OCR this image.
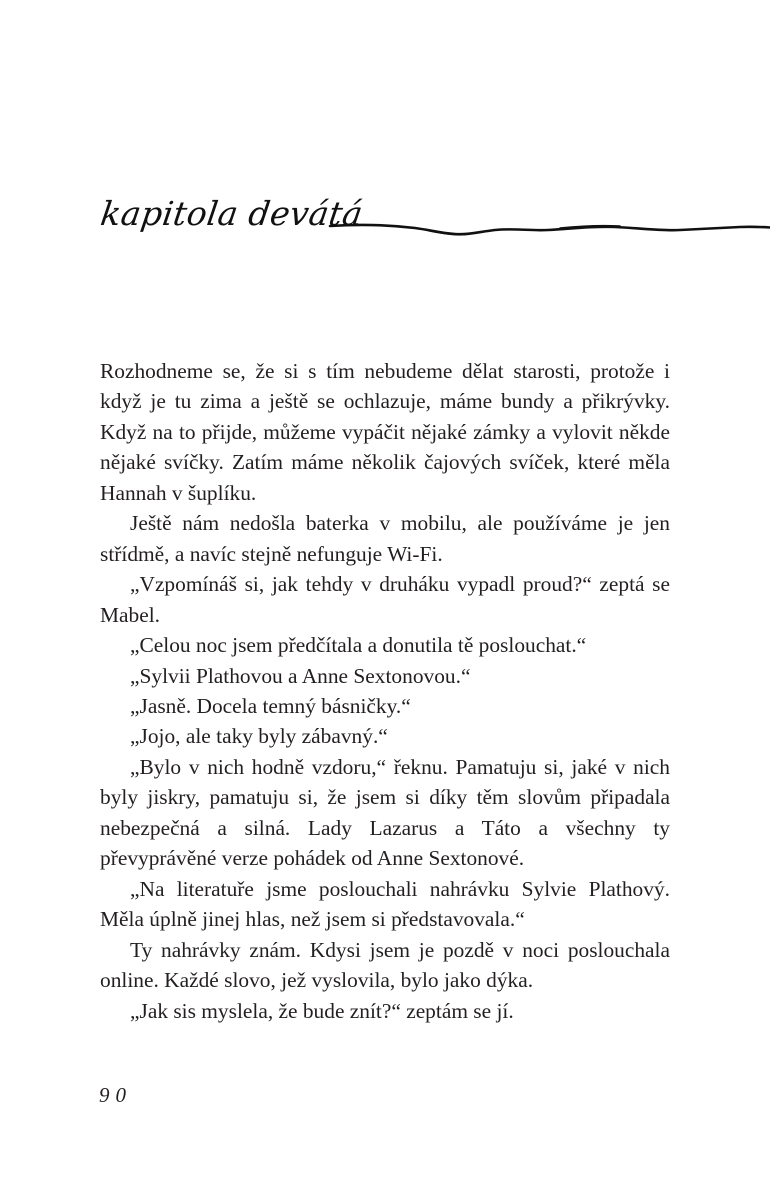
kapitola devátá

Rozhodneme se, že si s tím nebudeme dělat starosti, protože i když je tu zima a ještě se ochlazuje, máme bundy a přikrývky. Když na to přijde, můžeme vypáčit nějaké zámky a vylovit někde nějaké svíčky. Zatím máme několik čajových svíček, které měla Hannah v šuplíku.

Ještě nám nedošla baterka v mobilu, ale používáme je jen střídmě, a navíc stejně nefunguje Wi-Fi.

„Vzpomínáš si, jak tehdy v druháku vypadl proud?“ zeptá se Mabel.

„Celou noc jsem předčítala a donutila tě poslouchat.“

„Sylvii Plathovou a Anne Sextonovou.“

„Jasně. Docela temný básničky.“

„Jojo, ale taky byly zábavný.“

„Bylo v nich hodně vzdoru,“ řeknu. Pamatuju si, jaké v nich byly jiskry, pamatuju si, že jsem si díky těm slovům připadala nebezpečná a silná. Lady Lazarus a Táto a všechny ty převyprávěné verze pohádek od Anne Sextonové.

„Na literatuře jsme poslouchali nahrávku Sylvie Plathový. Měla úplně jinej hlas, než jsem si představovala.“

Ty nahrávky znám. Kdysi jsem je pozdě v noci poslouchala online. Každé slovo, jež vyslovila, bylo jako dýka.

„Jak sis myslela, že bude znít?“ zeptám se jí.

90
